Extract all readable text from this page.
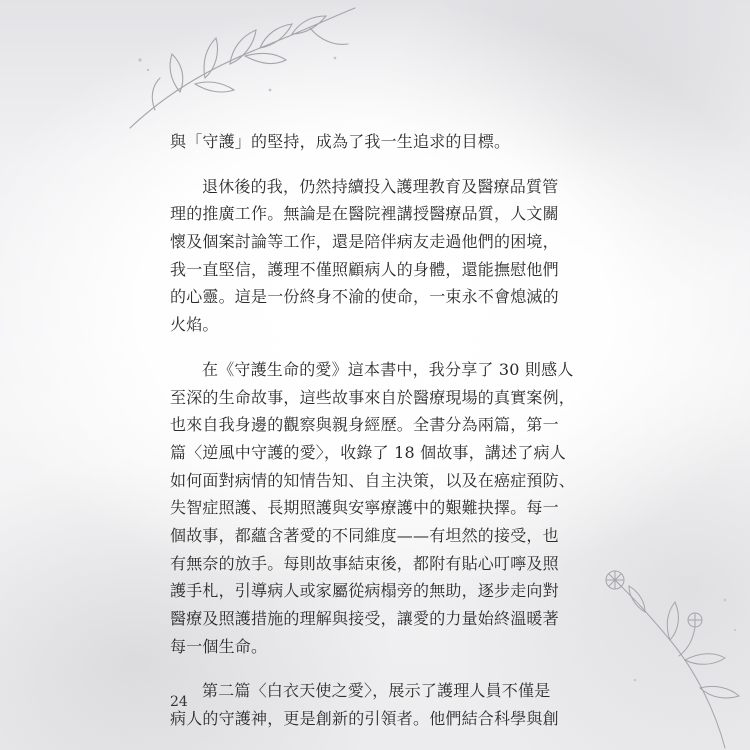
與「守護」的堅持，成為了我一生追求的目標。
退休後的我，仍然持續投入護理教育及醫療品質管
理的推廣工作。無論是在醫院裡講授醫療品質，人文關
懷及個案討論等工作，還是陪伴病友走過他們的困境，
我一直堅信，護理不僅照顧病人的身體，還能撫慰他們
的心靈。這是一份終身不渝的使命，一束永不會熄滅的
火焰。
在《守護生命的愛》這本書中，我分享了 30 則感人
至深的生命故事，這些故事來自於醫療現場的真實案例，
也來自我身邊的觀察與親身經歷。全書分為兩篇，第一
篇〈逆風中守護的愛〉，收錄了 18 個故事，講述了病人
如何面對病情的知情告知、自主決策，以及在癌症預防、
失智症照護、長期照護與安寧療護中的艱難抉擇。每一
個故事，都蘊含著愛的不同維度——有坦然的接受，也
有無奈的放手。每則故事結束後，都附有貼心叮嚀及照
護手札，引導病人或家屬從病榻旁的無助，逐步走向對
醫療及照護措施的理解與接受，讓愛的力量始終溫暖著
每一個生命。
第二篇〈白衣天使之愛〉，展示了護理人員不僅是
病人的守護神，更是創新的引領者。他們結合科學與創
24
